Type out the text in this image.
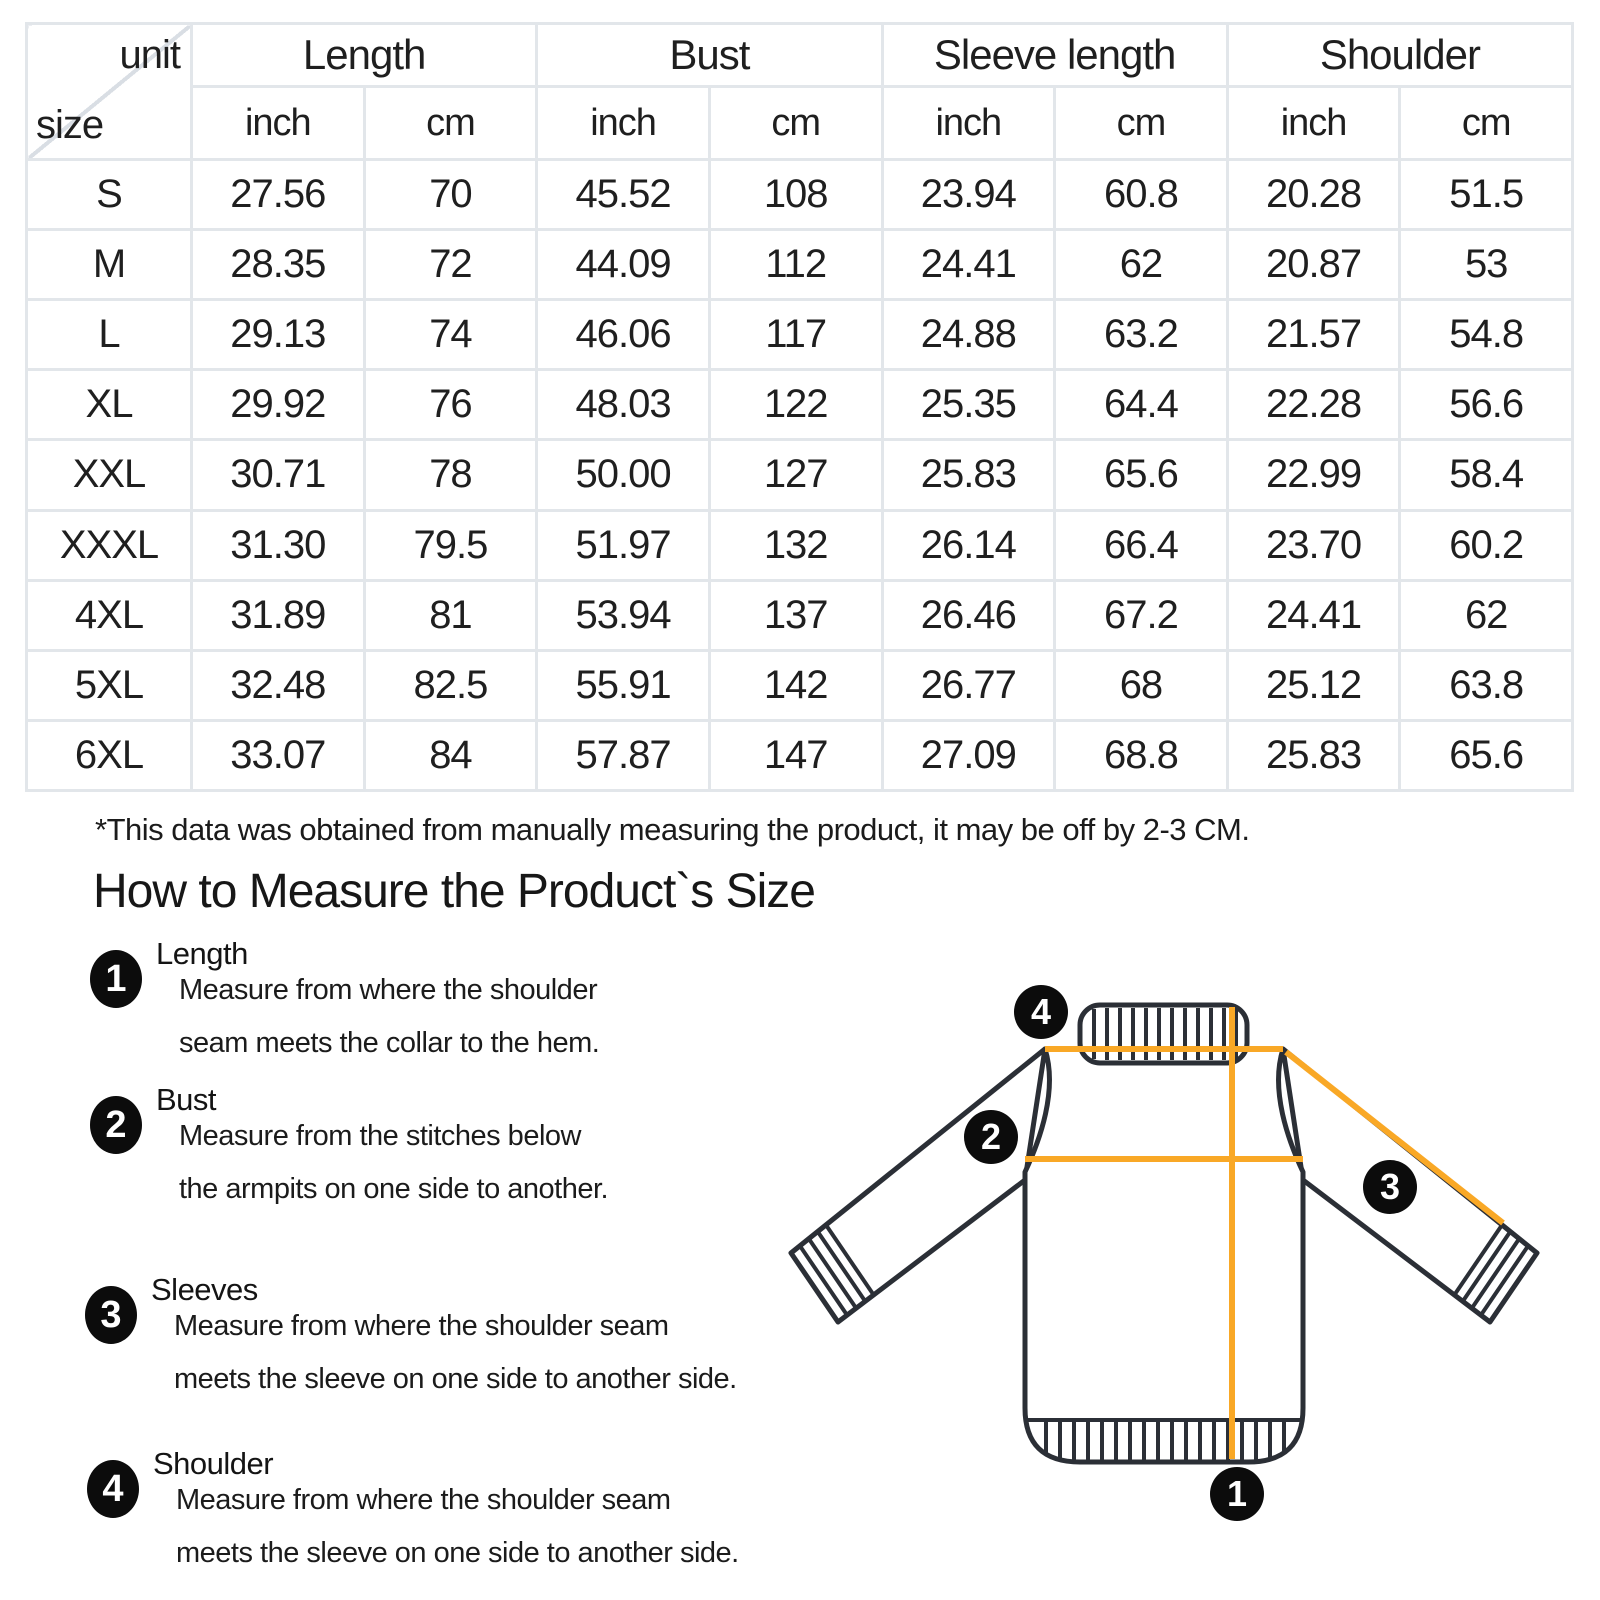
unit
size	Length		Bust		Sleeve length		Shoulder	
	inch	cm	inch	cm	inch	cm	inch	cm
S	27.56	70	45.52	108	23.94	60.8	20.28	51.5
M	28.35	72	44.09	112	24.41	62	20.87	53
L	29.13	74	46.06	117	24.88	63.2	21.57	54.8
XL	29.92	76	48.03	122	25.35	64.4	22.28	56.6
XXL	30.71	78	50.00	127	25.83	65.6	22.99	58.4
XXXL	31.30	79.5	51.97	132	26.14	66.4	23.70	60.2
4XL	31.89	81	53.94	137	26.46	67.2	24.41	62
5XL	32.48	82.5	55.91	142	26.77	68	25.12	63.8
6XL	33.07	84	57.87	147	27.09	68.8	25.83	65.6
*This data was obtained from manually measuring the product, it may be off by 2-3 CM.
How to Measure the Product`s Size
1
Length
Measure from where the shoulder
seam meets the collar to the hem.
2
Bust
Measure from the stitches below
the armpits on one side to another.
3
Sleeves
Measure from where the shoulder seam
meets the sleeve on one side to another side.
4
Shoulder
Measure from where the shoulder seam
meets the sleeve on one side to another side.
1
2
3
4
